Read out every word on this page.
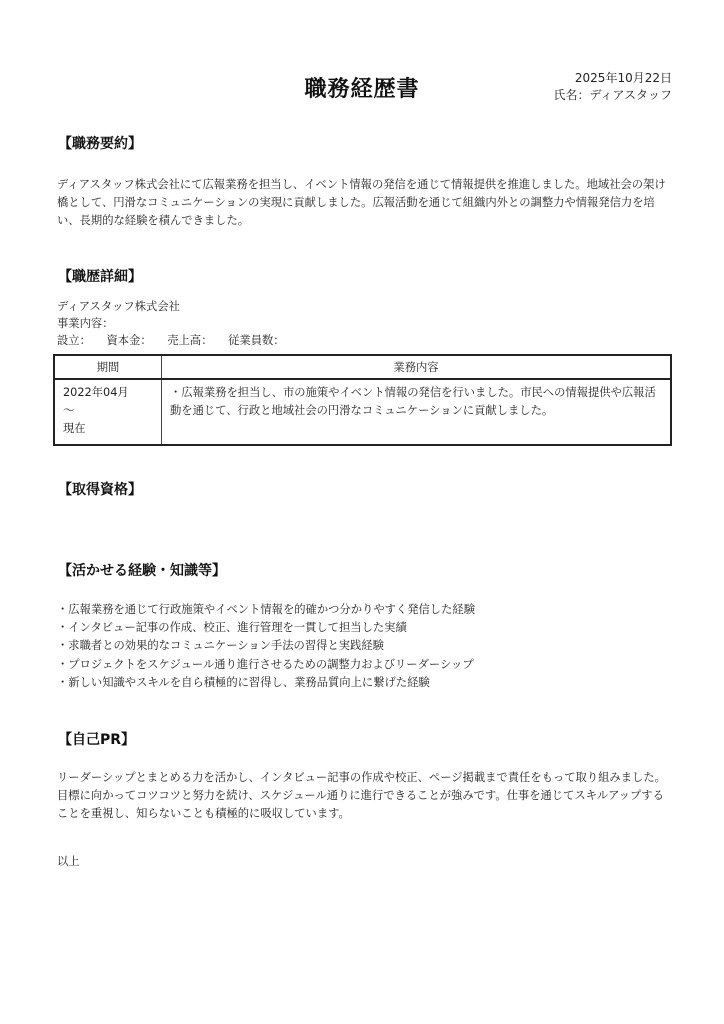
職務経歴書	2025年10月22日
氏名：ディアスタッフ
【職務要約】
ディアスタッフ株式会社にて広報業務を担当し、イベント情報の発信を通じて情報提供を推進しました。地域社会の架け橋として、円滑なコミュニケーションの実現に貢献しました。広報活動を通じて組織内外との調整力や情報発信力を培い、長期的な経験を積んできました。
【職歴詳細】
ディアスタッフ株式会社
事業内容：
設立： 資本金： 売上高： 従業員数：
期間	業務内容

2022年04月
～
現在	・広報業務を担当し、市の施策やイベント情報の発信を行いました。市民への情報提供や広報活動を通じて、行政と地域社会の円滑なコミュニケーションに貢献しました。
【取得資格】
【活かせる経験・知識等】
・広報業務を通じて行政施策やイベント情報を的確かつ分かりやすく発信した経験
・インタビュー記事の作成、校正、進行管理を一貫して担当した実績
・求職者との効果的なコミュニケーション手法の習得と実践経験
・プロジェクトをスケジュール通り進行させるための調整力およびリーダーシップ
・新しい知識やスキルを自ら積極的に習得し、業務品質向上に繋げた経験
【自己PR】
リーダーシップとまとめる力を活かし、インタビュー記事の作成や校正、ページ掲載まで責任をもって取り組みました。目標に向かってコツコツと努力を続け、スケジュール通りに進行できることが強みです。仕事を通じてスキルアップすることを重視し、知らないことも積極的に吸収しています。
以上
